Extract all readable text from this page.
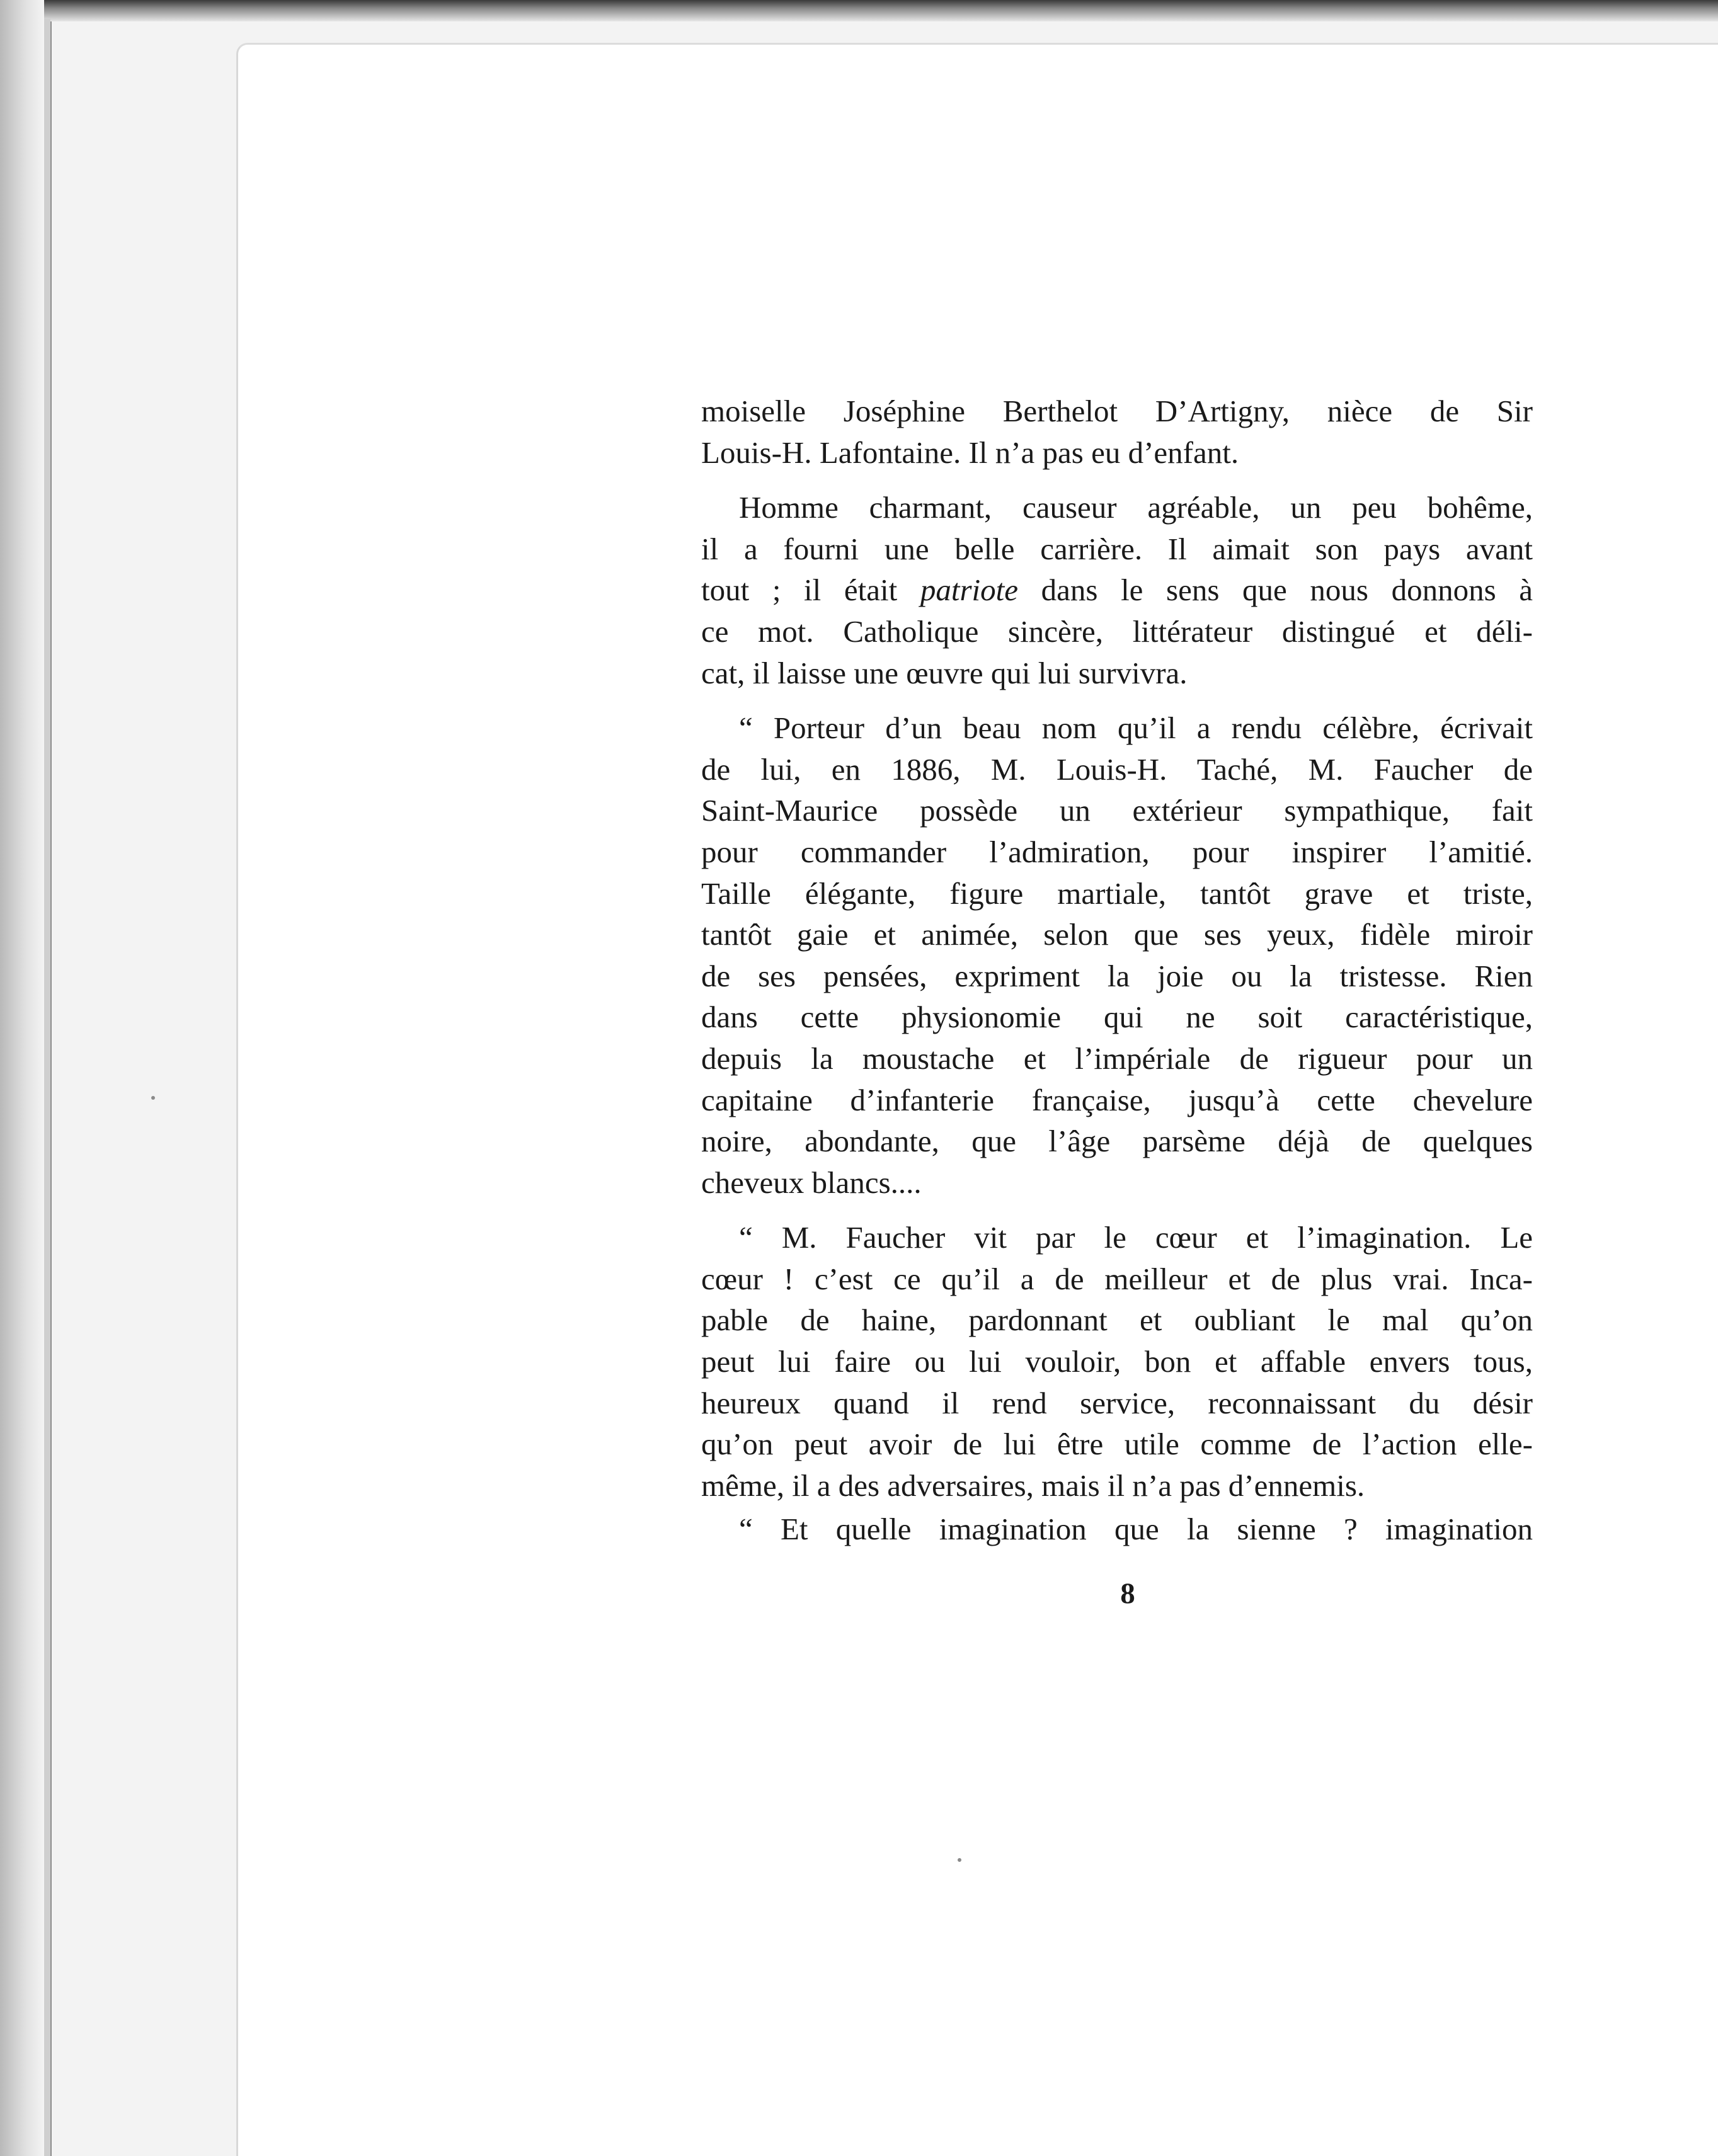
moiselle Joséphine Berthelot D’Artigny, nièce de Sir
Louis-H. Lafontaine. Il n’a pas eu d’enfant.
Homme charmant, causeur agréable, un peu bohême,
il a fourni une belle carrière. Il aimait son pays avant
tout ; il était patriote dans le sens que nous donnons à
ce mot. Catholique sincère, littérateur distingué et déli-
cat, il laisse une œuvre qui lui survivra.
“ Porteur d’un beau nom qu’il a rendu célèbre, écrivait
de lui, en 1886, M. Louis-H. Taché, M. Faucher de
Saint-Maurice possède un extérieur sympathique, fait
pour commander l’admiration, pour inspirer l’amitié.
Taille élégante, figure martiale, tantôt grave et triste,
tantôt gaie et animée, selon que ses yeux, fidèle miroir
de ses pensées, expriment la joie ou la tristesse. Rien
dans cette physionomie qui ne soit caractéristique,
depuis la moustache et l’impériale de rigueur pour un
capitaine d’infanterie française, jusqu’à cette chevelure
noire, abondante, que l’âge parsème déjà de quelques
cheveux blancs....
“ M. Faucher vit par le cœur et l’imagination. Le
cœur ! c’est ce qu’il a de meilleur et de plus vrai. Inca-
pable de haine, pardonnant et oubliant le mal qu’on
peut lui faire ou lui vouloir, bon et affable envers tous,
heureux quand il rend service, reconnaissant du désir
qu’on peut avoir de lui être utile comme de l’action elle-
même, il a des adversaires, mais il n’a pas d’ennemis.
“ Et quelle imagination que la sienne ? imagination
8
